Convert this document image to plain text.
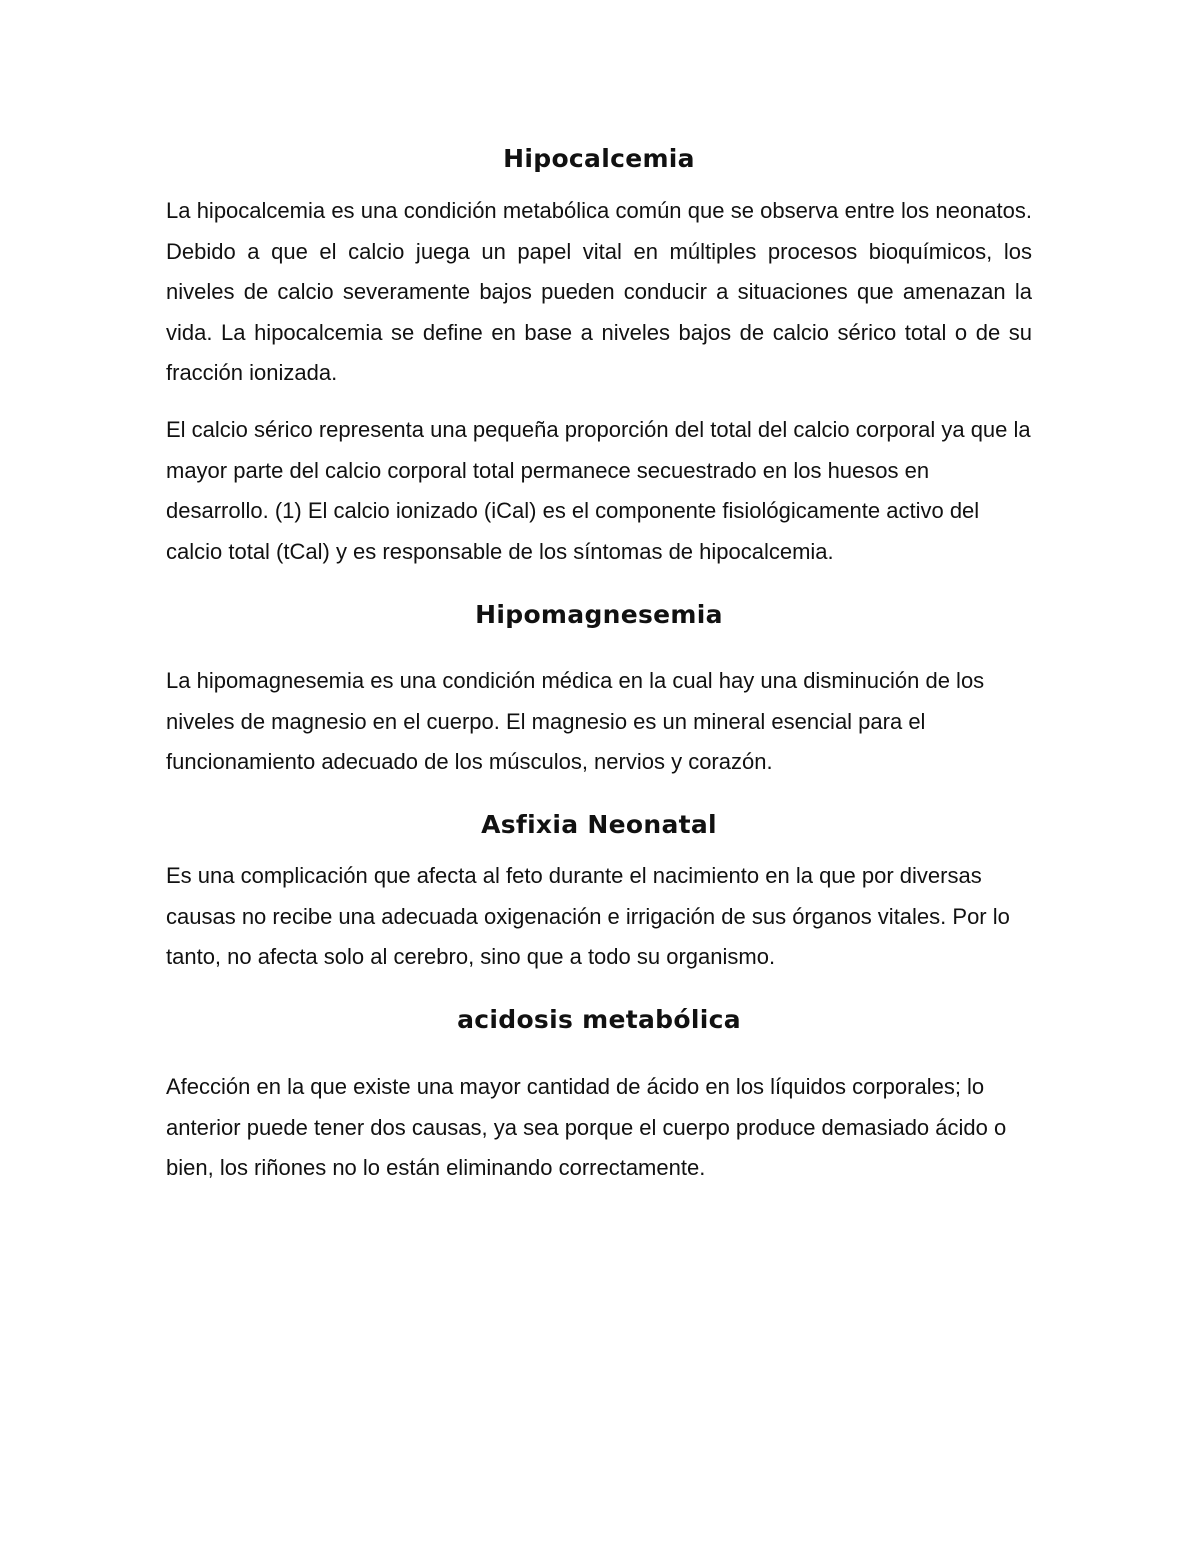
Hipocalcemia

La hipocalcemia es una condición metabólica común que se observa entre los neonatos. Debido a que el calcio juega un papel vital en múltiples procesos bioquímicos, los niveles de calcio severamente bajos pueden conducir a situaciones que amenazan la vida. La hipocalcemia se define en base a niveles bajos de calcio sérico total o de su fracción ionizada.

El calcio sérico representa una pequeña proporción del total del calcio corporal ya que la mayor parte del calcio corporal total permanece secuestrado en los huesos en desarrollo. (1) El calcio ionizado (iCal) es el componente fisiológicamente activo del calcio total (tCal) y es responsable de los síntomas de hipocalcemia.

Hipomagnesemia

La hipomagnesemia es una condición médica en la cual hay una disminución de los niveles de magnesio en el cuerpo. El magnesio es un mineral esencial para el funcionamiento adecuado de los músculos, nervios y corazón.

Asfixia Neonatal

Es una complicación que afecta al feto durante el nacimiento en la que por diversas causas no recibe una adecuada oxigenación e irrigación de sus órganos vitales. Por lo tanto, no afecta solo al cerebro, sino que a todo su organismo.

acidosis metabólica

Afección en la que existe una mayor cantidad de ácido en los líquidos corporales; lo anterior puede tener dos causas, ya sea porque el cuerpo produce demasiado ácido o bien, los riñones no lo están eliminando correctamente.
